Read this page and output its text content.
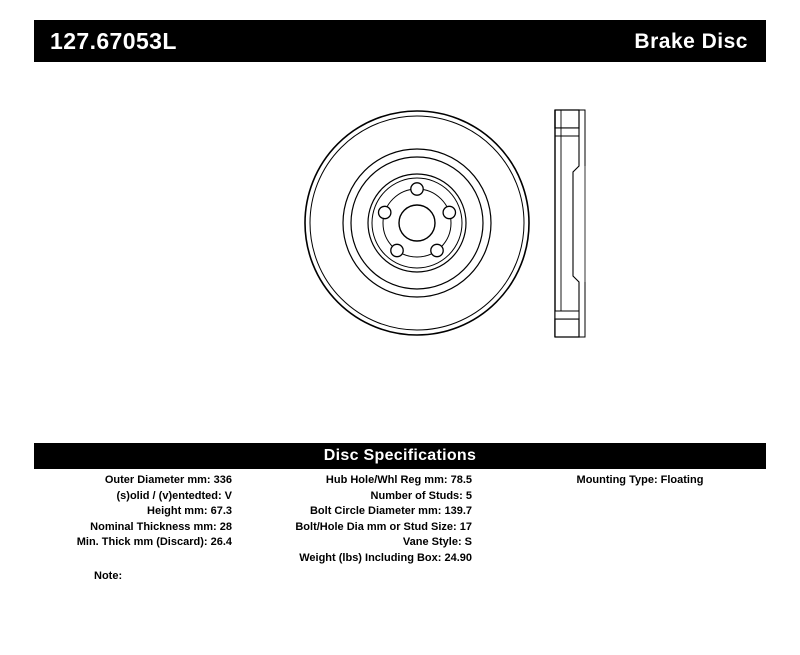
127.67053L	Brake Disc
Disc Specifications
Outer Diameter mm: 336
(s)olid / (v)entedted: V
Height mm: 67.3
Nominal Thickness mm: 28
Min. Thick mm (Discard): 26.4
Hub Hole/Whl Reg mm: 78.5
Number of Studs: 5
Bolt Circle Diameter mm: 139.7
Bolt/Hole Dia mm or Stud Size: 17
Vane Style: S
Weight (lbs) Including Box: 24.90
Mounting Type: Floating
Note:
